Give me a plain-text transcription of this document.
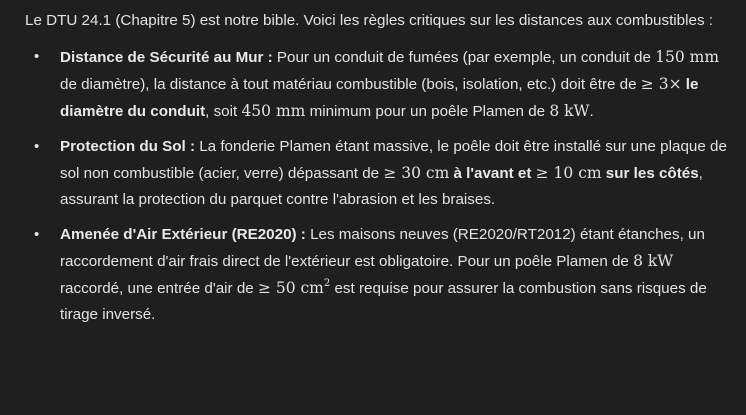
Le DTU 24.1 (Chapitre 5) est notre bible. Voici les règles critiques sur les distances aux combustibles :

• Distance de Sécurité au Mur : Pour un conduit de fumées (par exemple, un conduit de 150 mm de diamètre), la distance à tout matériau combustible (bois, isolation, etc.) doit être de ≥ 3× le diamètre du conduit, soit 450 mm minimum pour un poêle Plamen de 8 kW.
• Protection du Sol : La fonderie Plamen étant massive, le poêle doit être installé sur une plaque de sol non combustible (acier, verre) dépassant de ≥ 30 cm à l'avant et ≥ 10 cm sur les côtés, assurant la protection du parquet contre l'abrasion et les braises.
• Amenée d'Air Extérieur (RE2020) : Les maisons neuves (RE2020/RT2012) étant étanches, un raccordement d'air frais direct de l'extérieur est obligatoire. Pour un poêle Plamen de 8 kW raccordé, une entrée d'air de ≥ 50 $cm^2$ est requise pour assurer la combustion sans risques de tirage inversé.
